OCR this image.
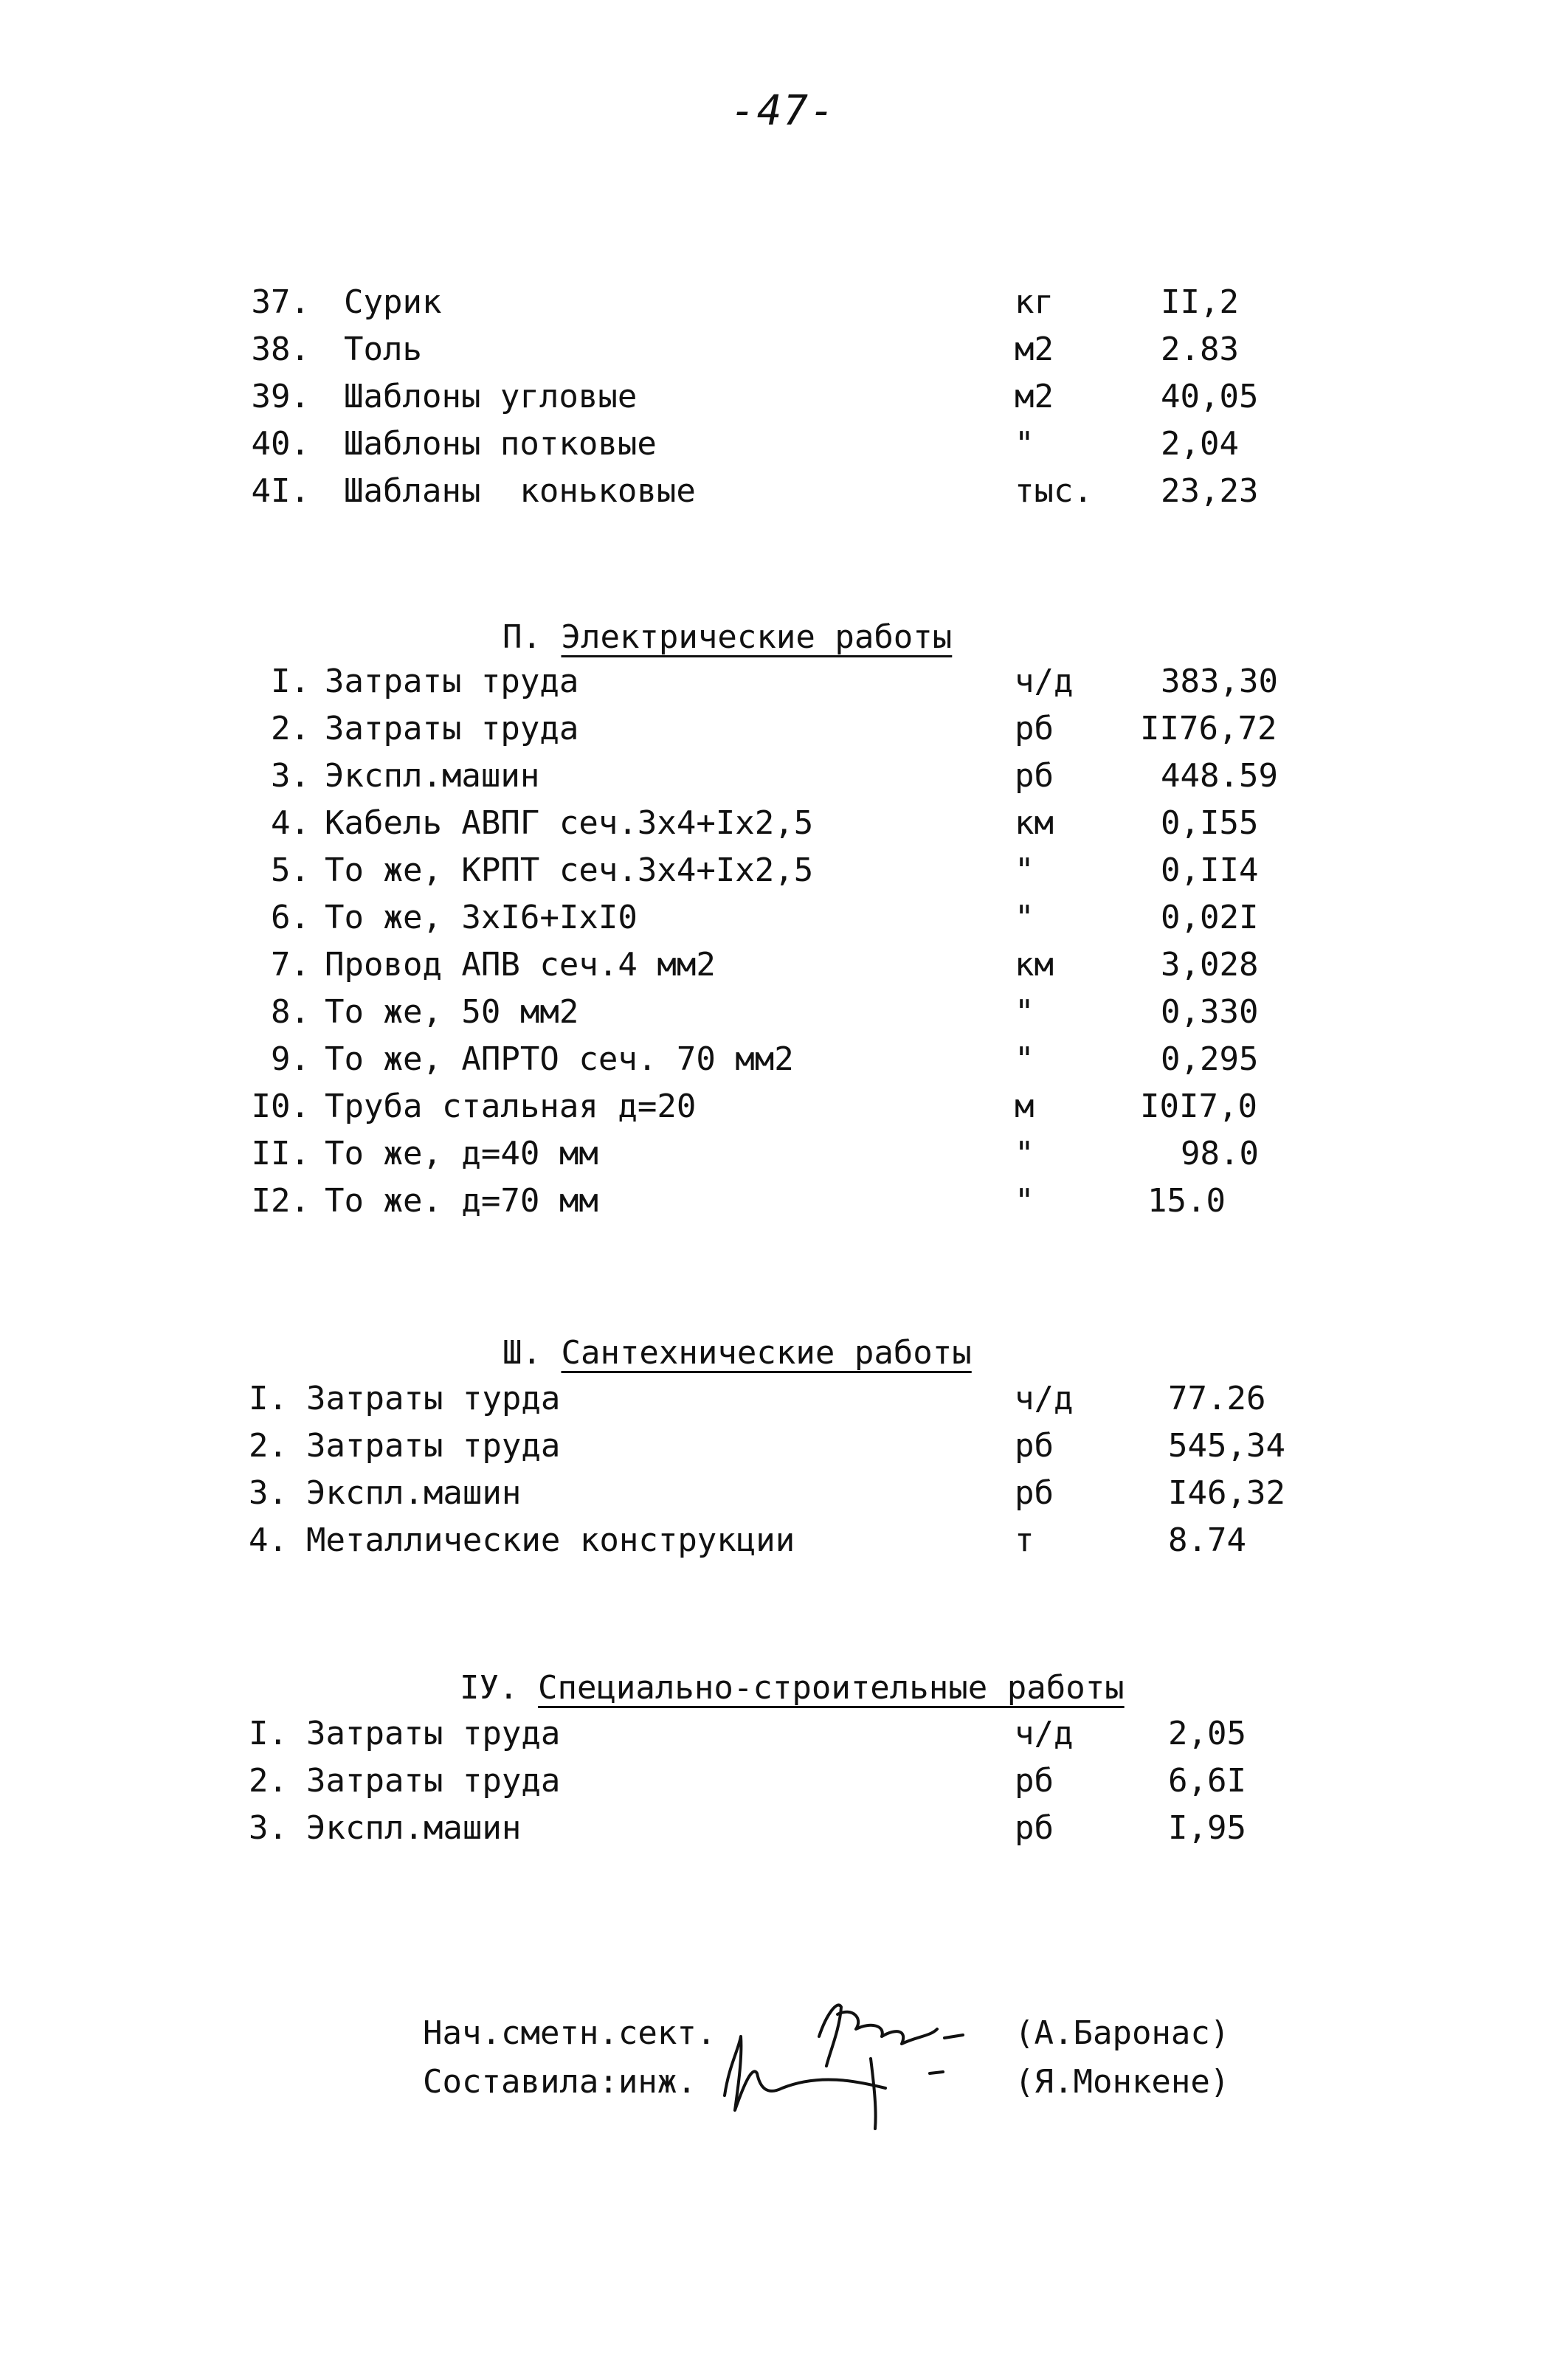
-47-
37. Сурик	кг	II,2
38. Толь	м2	2.83
39. Шаблоны угловые	м2	40,05
40. Шаблоны потковые	"	2,04
4I. Шабланы  коньковые	тыс. 23,23

П. Электрические работы

I. Затраты труда	ч/д	383,30
2. Затраты труда	рб	II76,72
3. Экспл.машин	рб	448.59
4. Кабель АВПГ сеч.3х4+Iх2,5	км	0,I55
5. То же, КРПТ сеч.3х4+Iх2,5	"	0,II4
6. То же, 3хI6+IхI0	"	0,02I
7. Провод АПВ сеч.4 мм2	км	3,028
8. То же, 50 мм2	"	0,330
9. То же, АПРТО сеч. 70 мм2	"	0,295
I0. Труба стальная д=20	м	I0I7,0
II. То же, д=40 мм	"	98.0
I2. То же. д=70 мм	"	15.0

Ш. Сантехнические работы

I. Затраты турда	ч/д	77.26
2. Затраты труда	рб	545,34
3. Экспл.машин	рб	I46,32
4. Металлические конструкции	т	8.74

IУ. Специально-строительные работы

I. Затраты труда	ч/д	2,05
2. Затраты труда	рб	6,6I
3. Экспл.машин	рб	I,95
Нач.сметн.сект.	(А.Баронас)
Составила:инж.	(Я.Монкене)
